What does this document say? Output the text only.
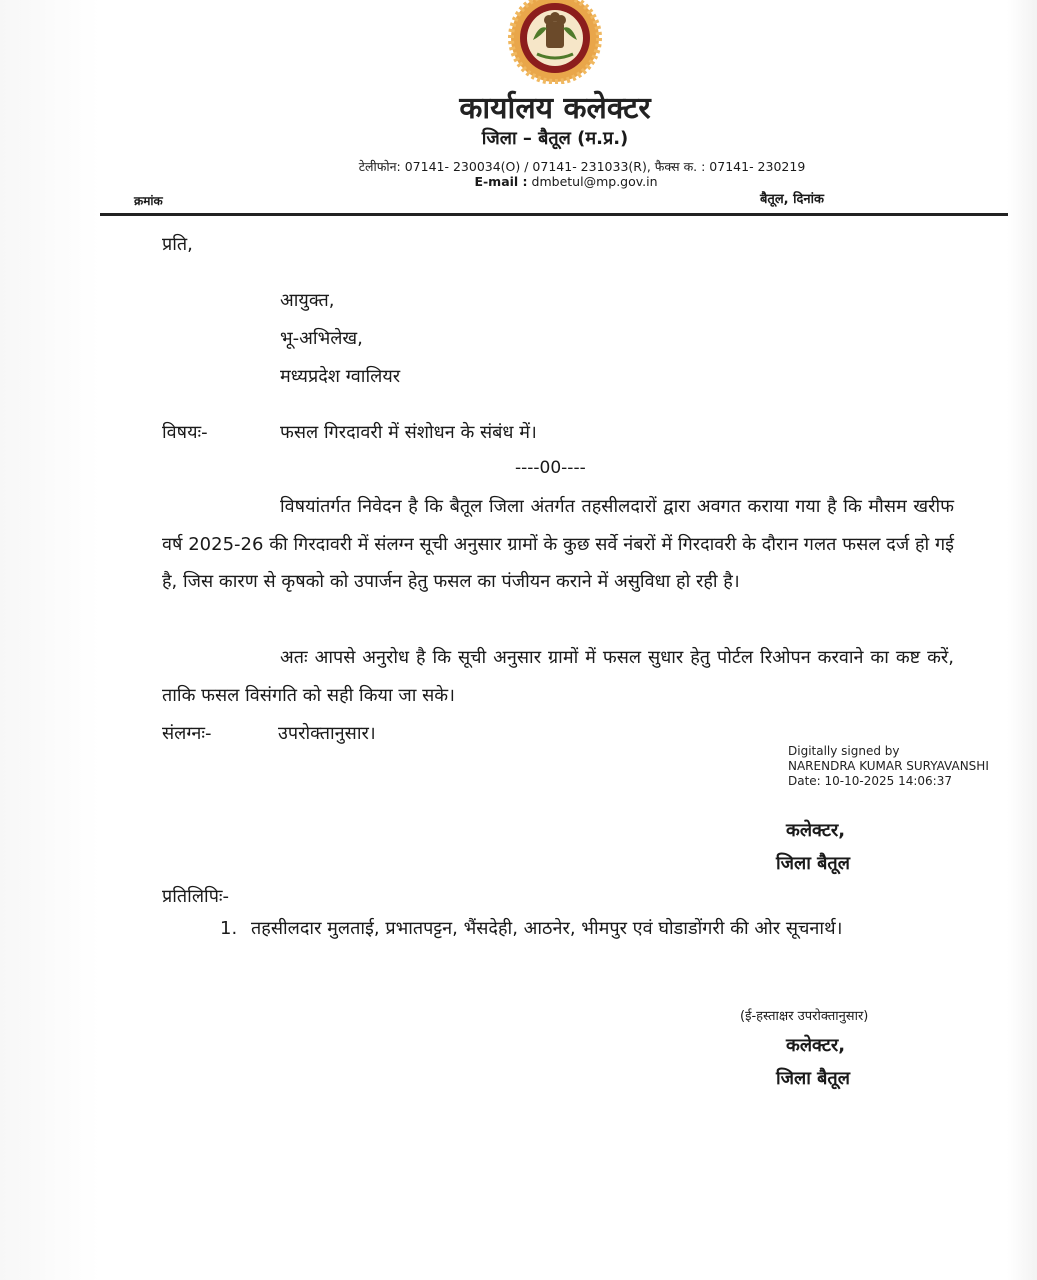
कार्यालय कलेक्टर
जिला – बैतूल (म.प्र.)
टेलीफोन: 07141- 230034(O) / 07141- 231033(R), फैक्स क. : 07141- 230219
E-mail : dmbetul@mp.gov.in
क्रमांक	बैतूल, दिनांक
प्रति,
आयुक्त,
भू-अभिलेख,
मध्यप्रदेश ग्वालियर
विषयः-	फसल गिरदावरी में संशोधन के संबंध में।
----00----

विषयांतर्गत निवेदन है कि बैतूल जिला अंतर्गत तहसीलदारों द्वारा अवगत कराया गया है कि मौसम खरीफ वर्ष 2025-26 की गिरदावरी में संलग्न सूची अनुसार ग्रामों के कुछ सर्वे नंबरों में गिरदावरी के दौरान गलत फसल दर्ज हो गई है, जिस कारण से कृषको को उपार्जन हेतु फसल का पंजीयन कराने में असुविधा हो रही है।

अतः आपसे अनुरोध है कि सूची अनुसार ग्रामों में फसल सुधार हेतु पोर्टल रिओपन करवाने का कष्ट करें, ताकि फसल विसंगति को सही किया जा सके।

संलग्नः-	उपरोक्तानुसार।
Digitally signed by
NARENDRA KUMAR SURYAVANSHI
Date: 10-10-2025 14:06:37
कलेक्टर,
जिला बैतूल
प्रतिलिपिः-
1. तहसीलदार मुलताई, प्रभातपट्टन, भैंसदेही, आठनेर, भीमपुर एवं घोडाडोंगरी की ओर सूचनार्थ।
(ई-हस्ताक्षर उपरोक्तानुसार)
कलेक्टर,
जिला बैतूल
